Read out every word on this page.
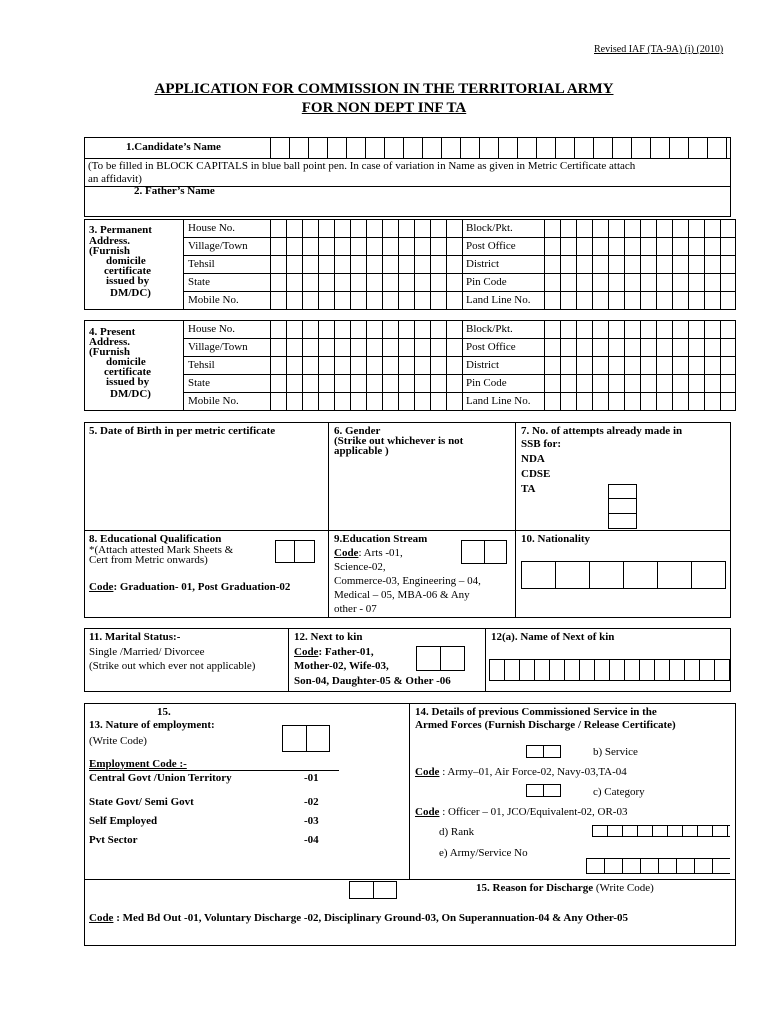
Revised IAF (TA-9A) (i) (2010)
APPLICATION FOR COMMISSION IN THE TERRITORIAL ARMY
FOR NON DEPT INF TA
1.Candidate’s Name
(To be filled in BLOCK CAPITALS in blue ball point pen. In case of variation in Name as given in Metric Certificate attach
an affidavit)
2. Father’s Name
3. Permanent
Address.
(Furnish
domicile
certificate
issued by
DM/DC)
House No.	Block/Pkt.
Village/Town	Post Office
Tehsil	District
State	Pin Code
Mobile No.	Land Line No.
4. Present
Address.
(Furnish
domicile
certificate
issued by
DM/DC)
House No.	Block/Pkt.
Village/Town	Post Office
Tehsil	District
State	Pin Code
Mobile No.	Land Line No.
5. Date of Birth in per metric certificate	6. Gender
(Strike out whichever is not
applicable )
7. No. of attempts already made in
SSB for:
NDA
CDSE
TA
8. Educational Qualification
*(Attach attested Mark Sheets &
Cert from Metric onwards)
Code: Graduation- 01, Post Graduation-02
9.Education Stream
Code: Arts -01,
Science-02,
Commerce-03, Engineering – 04,
Medical – 05, MBA-06 & Any
other - 07
10. Nationality
11. Marital Status:-
Single /Married/ Divorcee
(Strike out which ever not applicable)
12. Next to kin
Code: Father-01,
Mother-02, Wife-03,
Son-04, Daughter-05 & Other -06
12(a). Name of Next of kin
15.
13. Nature of employment:
(Write Code)
Employment Code :-
Central Govt /Union Territory	-01
State Govt/ Semi Govt	-02
Self Employed	-03
Pvt Sector	-04
14. Details of previous Commissioned Service in the
Armed Forces (Furnish Discharge / Release Certificate)
b) Service
Code : Army–01, Air Force-02, Navy-03,TA-04
c) Category
Code : Officer – 01, JCO/Equivalent-02, OR-03
d) Rank
e) Army/Service No
15. Reason for Discharge (Write Code)
Code : Med Bd Out -01, Voluntary Discharge -02, Disciplinary Ground-03, On Superannuation-04 & Any Other-05
